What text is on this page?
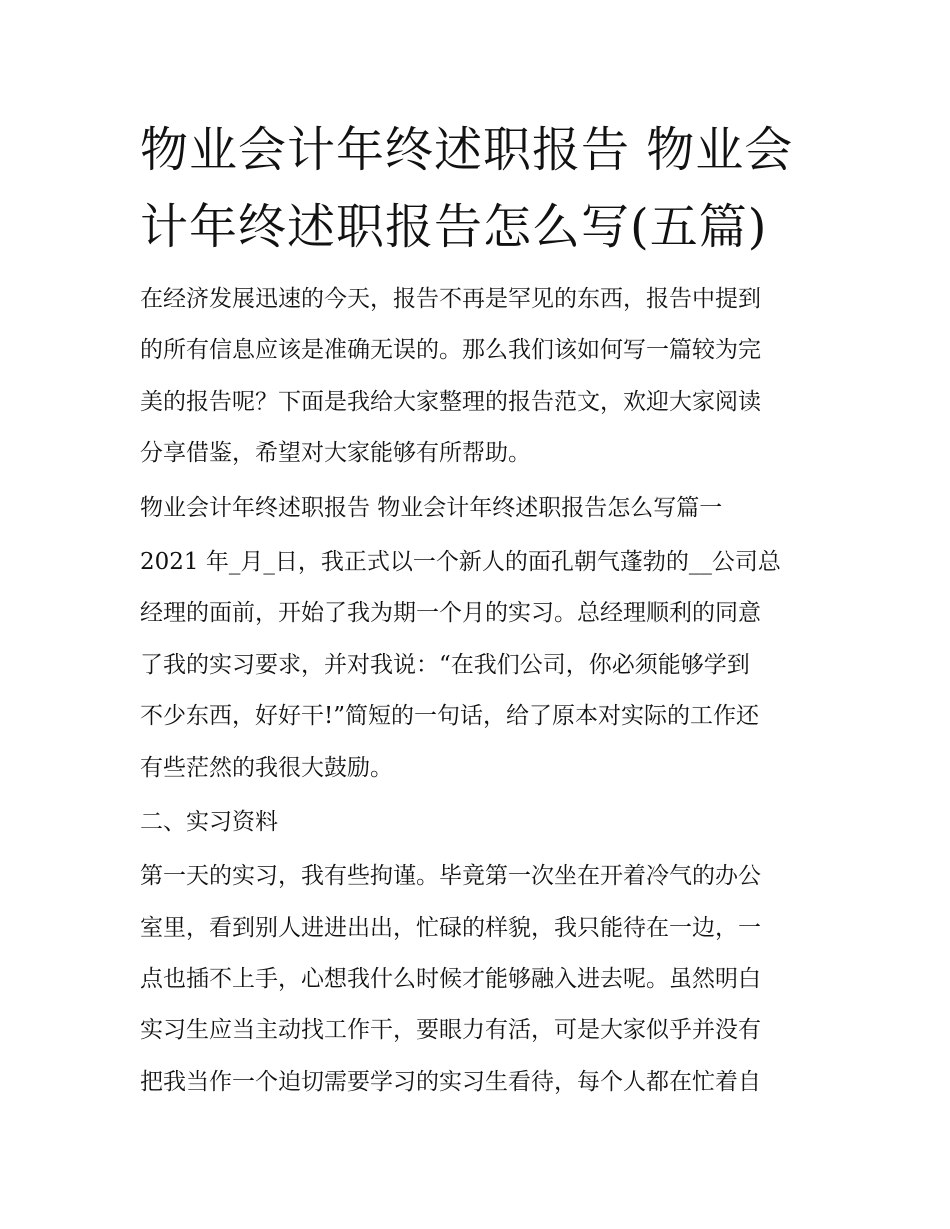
物业会计年终述职报告 物业会
计年终述职报告怎么写(五篇)
在经济发展迅速的今天，报告不再是罕见的东西，报告中提到
的所有信息应该是准确无误的。那么我们该如何写一篇较为完
美的报告呢？下面是我给大家整理的报告范文，欢迎大家阅读
分享借鉴，希望对大家能够有所帮助。
物业会计年终述职报告 物业会计年终述职报告怎么写篇一
2021 年_月_日，我正式以一个新人的面孔朝气蓬勃的__公司总
经理的面前，开始了我为期一个月的实习。总经理顺利的同意
了我的实习要求，并对我说：“在我们公司，你必须能够学到
不少东西，好好干!”简短的一句话，给了原本对实际的工作还
有些茫然的我很大鼓励。
二、实习资料
第一天的实习，我有些拘谨。毕竟第一次坐在开着冷气的办公
室里，看到别人进进出出，忙碌的样貌，我只能待在一边，一
点也插不上手，心想我什么时候才能够融入进去呢。虽然明白
实习生应当主动找工作干，要眼力有活，可是大家似乎并没有
把我当作一个迫切需要学习的实习生看待，每个人都在忙着自
